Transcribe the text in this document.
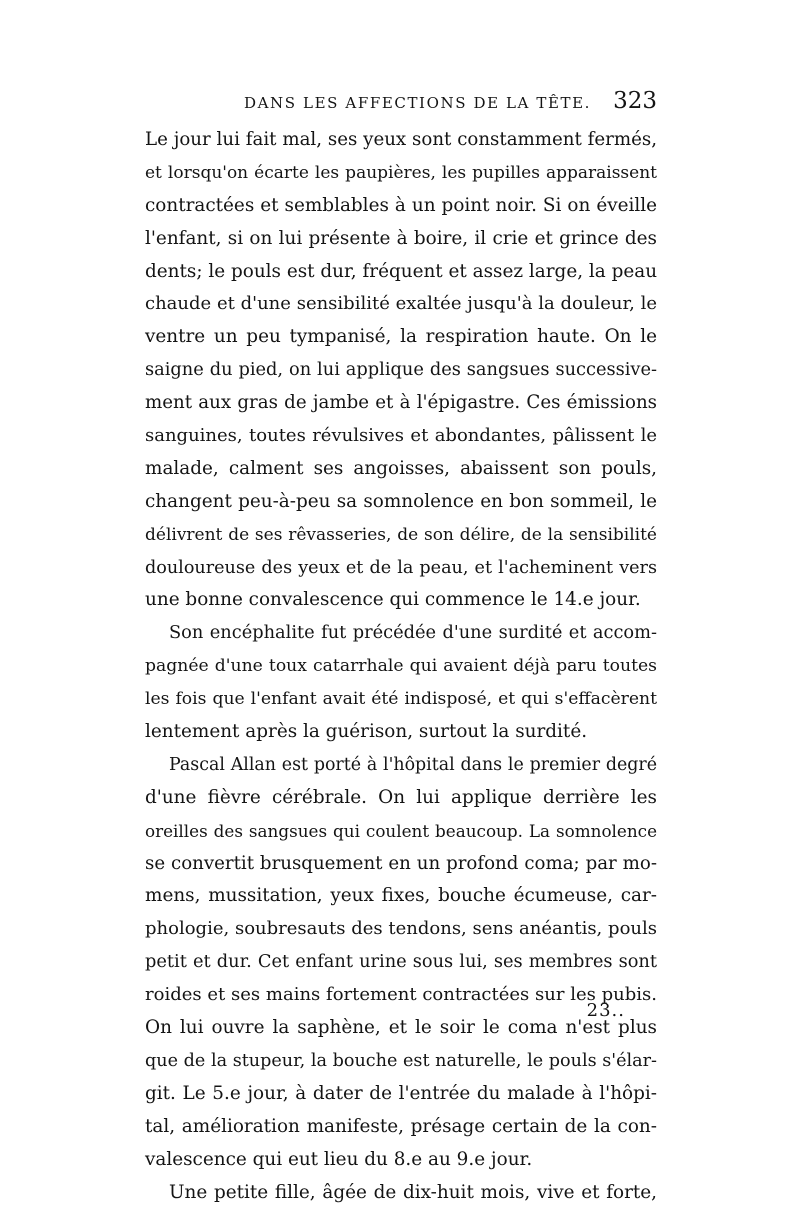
DANS LES AFFECTIONS DE LA TÊTE. 323
Le jour lui fait mal, ses yeux sont constamment fermés,
et lorsqu'on écarte les paupières, les pupilles apparaissent
contractées et semblables à un point noir. Si on éveille
l'enfant, si on lui présente à boire, il crie et grince des
dents; le pouls est dur, fréquent et assez large, la peau
chaude et d'une sensibilité exaltée jusqu'à la douleur, le
ventre un peu tympanisé, la respiration haute. On le
saigne du pied, on lui applique des sangsues successive-
ment aux gras de jambe et à l'épigastre. Ces émissions
sanguines, toutes révulsives et abondantes, pâlissent le
malade, calment ses angoisses, abaissent son pouls,
changent peu-à-peu sa somnolence en bon sommeil, le
délivrent de ses rêvasseries, de son délire, de la sensibilité
douloureuse des yeux et de la peau, et l'acheminent vers
une bonne convalescence qui commence le 14.e jour.
Son encéphalite fut précédée d'une surdité et accom-
pagnée d'une toux catarrhale qui avaient déjà paru toutes
les fois que l'enfant avait été indisposé, et qui s'effacèrent
lentement après la guérison, surtout la surdité.
Pascal Allan est porté à l'hôpital dans le premier degré
d'une fièvre cérébrale. On lui applique derrière les
oreilles des sangsues qui coulent beaucoup. La somnolence
se convertit brusquement en un profond coma; par mo-
mens, mussitation, yeux fixes, bouche écumeuse, car-
phologie, soubresauts des tendons, sens anéantis, pouls
petit et dur. Cet enfant urine sous lui, ses membres sont
roides et ses mains fortement contractées sur les pubis.
On lui ouvre la saphène, et le soir le coma n'est plus
que de la stupeur, la bouche est naturelle, le pouls s'élar-
git. Le 5.e jour, à dater de l'entrée du malade à l'hôpi-
tal, amélioration manifeste, présage certain de la con-
valescence qui eut lieu du 8.e au 9.e jour.
Une petite fille, âgée de dix-huit mois, vive et forte,
23..
